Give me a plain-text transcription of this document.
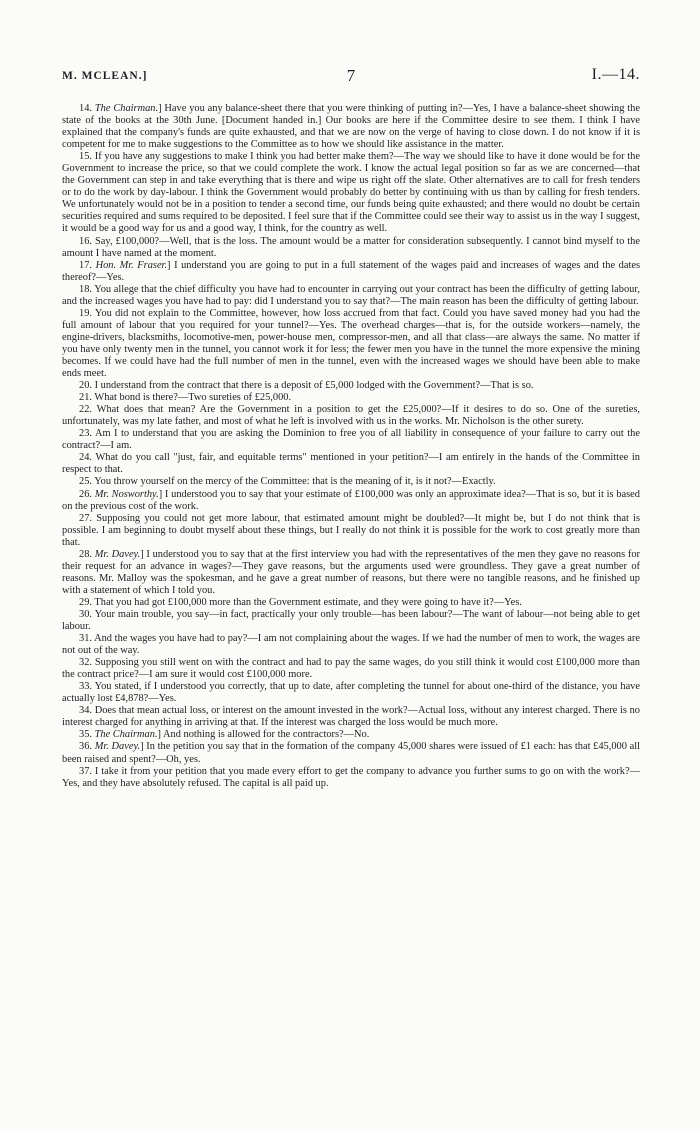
M. MCLEAN.]	7	I.—14.

14. The Chairman.] Have you any balance-sheet there that you were thinking of putting in?—Yes, I have a balance-sheet showing the state of the books at the 30th June. [Document handed in.] Our books are here if the Committee desire to see them. I think I have explained that the company's funds are quite exhausted, and that we are now on the verge of having to close down. I do not know if it is competent for me to make suggestions to the Committee as to how we should like assistance in the matter.

15. If you have any suggestions to make I think you had better make them?—The way we should like to have it done would be for the Government to increase the price, so that we could complete the work. I know the actual legal position so far as we are concerned—that the Government can step in and take everything that is there and wipe us right off the slate. Other alternatives are to call for fresh tenders or to do the work by day-labour. I think the Government would probably do better by continuing with us than by calling for fresh tenders. We unfortunately would not be in a position to tender a second time, our funds being quite exhausted; and there would no doubt be certain securities required and sums required to be deposited. I feel sure that if the Committee could see their way to assist us in the way I suggest, it would be a good way for us and a good way, I think, for the country as well.

16. Say, £100,000?—Well, that is the loss. The amount would be a matter for consideration subsequently. I cannot bind myself to the amount I have named at the moment.

17. Hon. Mr. Fraser.] I understand you are going to put in a full statement of the wages paid and increases of wages and the dates thereof?—Yes.

18. You allege that the chief difficulty you have had to encounter in carrying out your contract has been the difficulty of getting labour, and the increased wages you have had to pay: did I understand you to say that?—The main reason has been the difficulty of getting labour.

19. You did not explain to the Committee, however, how loss accrued from that fact. Could you have saved money had you had the full amount of labour that you required for your tunnel?—Yes. The overhead charges—that is, for the outside workers—namely, the engine-drivers, blacksmiths, locomotive-men, power-house men, compressor-men, and all that class—are always the same. No matter if you have only twenty men in the tunnel, you cannot work it for less; the fewer men you have in the tunnel the more expensive the mining becomes. If we could have had the full number of men in the tunnel, even with the increased wages we should have been able to make ends meet.

20. I understand from the contract that there is a deposit of £5,000 lodged with the Government?—That is so.

21. What bond is there?—Two sureties of £25,000.

22. What does that mean? Are the Government in a position to get the £25,000?—If it desires to do so. One of the sureties, unfortunately, was my late father, and most of what he left is involved with us in the works. Mr. Nicholson is the other surety.

23. Am I to understand that you are asking the Dominion to free you of all liability in consequence of your failure to carry out the contract?—I am.

24. What do you call "just, fair, and equitable terms" mentioned in your petition?—I am entirely in the hands of the Committee in respect to that.

25. You throw yourself on the mercy of the Committee: that is the meaning of it, is it not?—Exactly.

26. Mr. Nosworthy.] I understood you to say that your estimate of £100,000 was only an approximate idea?—That is so, but it is based on the previous cost of the work.

27. Supposing you could not get more labour, that estimated amount might be doubled?—It might be, but I do not think that is possible. I am beginning to doubt myself about these things, but I really do not think it is possible for the work to cost greatly more than that.

28. Mr. Davey.] I understood you to say that at the first interview you had with the representatives of the men they gave no reasons for their request for an advance in wages?—They gave reasons, but the arguments used were groundless. They gave a great number of reasons. Mr. Malloy was the spokesman, and he gave a great number of reasons, but there were no tangible reasons, and he finished up with a statement of which I told you.

29. That you had got £100,000 more than the Government estimate, and they were going to have it?—Yes.

30. Your main trouble, you say—in fact, practically your only trouble—has been labour?—The want of labour—not being able to get labour.

31. And the wages you have had to pay?—I am not complaining about the wages. If we had the number of men to work, the wages are not out of the way.

32. Supposing you still went on with the contract and had to pay the same wages, do you still think it would cost £100,000 more than the contract price?—I am sure it would cost £100,000 more.

33. You stated, if I understood you correctly, that up to date, after completing the tunnel for about one-third of the distance, you have actually lost £4,878?—Yes.

34. Does that mean actual loss, or interest on the amount invested in the work?—Actual loss, without any interest charged. There is no interest charged for anything in arriving at that. If the interest was charged the loss would be much more.

35. The Chairman.] And nothing is allowed for the contractors?—No.

36. Mr. Davey.] In the petition you say that in the formation of the company 45,000 shares were issued of £1 each: has that £45,000 all been raised and spent?—Oh, yes.

37. I take it from your petition that you made every effort to get the company to advance you further sums to go on with the work?—Yes, and they have absolutely refused. The capital is all paid up.
